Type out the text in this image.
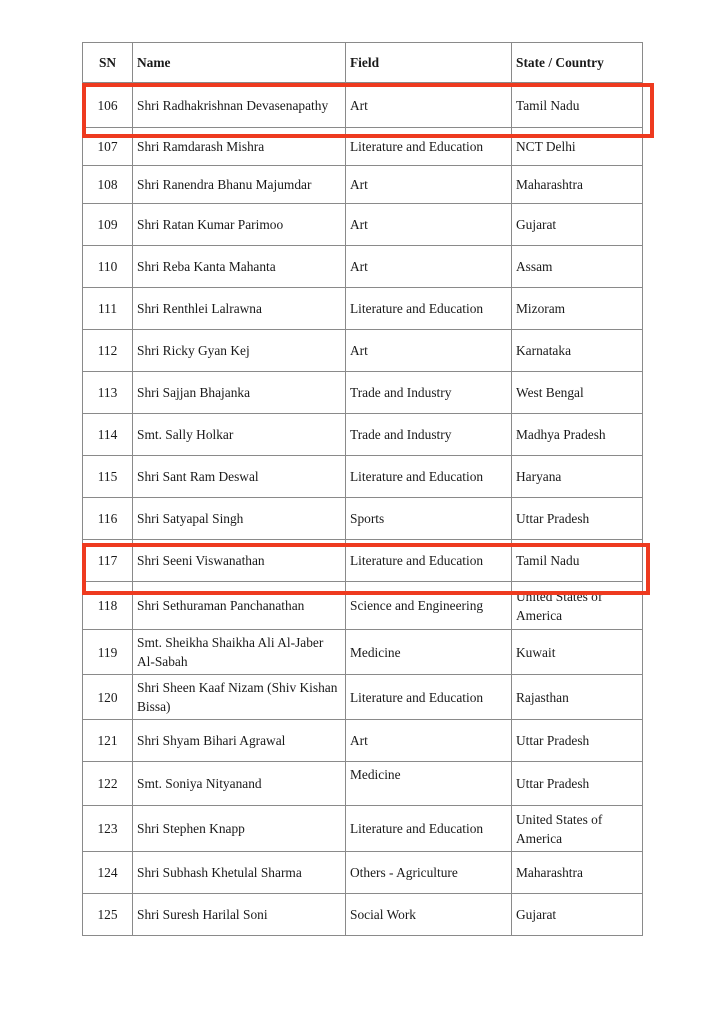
SN	Name	Field	State / Country
106	Shri Radhakrishnan Devasenapathy	Art	Tamil Nadu
107	Shri Ramdarash Mishra	Literature and Education	NCT Delhi
108	Shri Ranendra Bhanu Majumdar	Art	Maharashtra
109	Shri Ratan Kumar Parimoo	Art	Gujarat
110	Shri Reba Kanta Mahanta	Art	Assam
111	Shri Renthlei Lalrawna	Literature and Education	Mizoram
112	Shri Ricky Gyan Kej	Art	Karnataka
113	Shri Sajjan Bhajanka	Trade and Industry	West Bengal
114	Smt. Sally Holkar	Trade and Industry	Madhya Pradesh
115	Shri Sant Ram Deswal	Literature and Education	Haryana
116	Shri Satyapal Singh	Sports	Uttar Pradesh
117	Shri Seeni Viswanathan	Literature and Education	Tamil Nadu
118	Shri Sethuraman Panchanathan	Science and Engineering	United States of America
119	Smt. Sheikha Shaikha Ali Al-Jaber Al-Sabah	Medicine	Kuwait
120	Shri Sheen Kaaf Nizam (Shiv Kishan Bissa)	Literature and Education	Rajasthan
121	Shri Shyam Bihari Agrawal	Art	Uttar Pradesh
122	Smt. Soniya Nityanand	Medicine	Uttar Pradesh
123	Shri Stephen Knapp	Literature and Education	United States of America
124	Shri Subhash Khetulal Sharma	Others - Agriculture	Maharashtra
125	Shri Suresh Harilal Soni	Social Work	Gujarat
